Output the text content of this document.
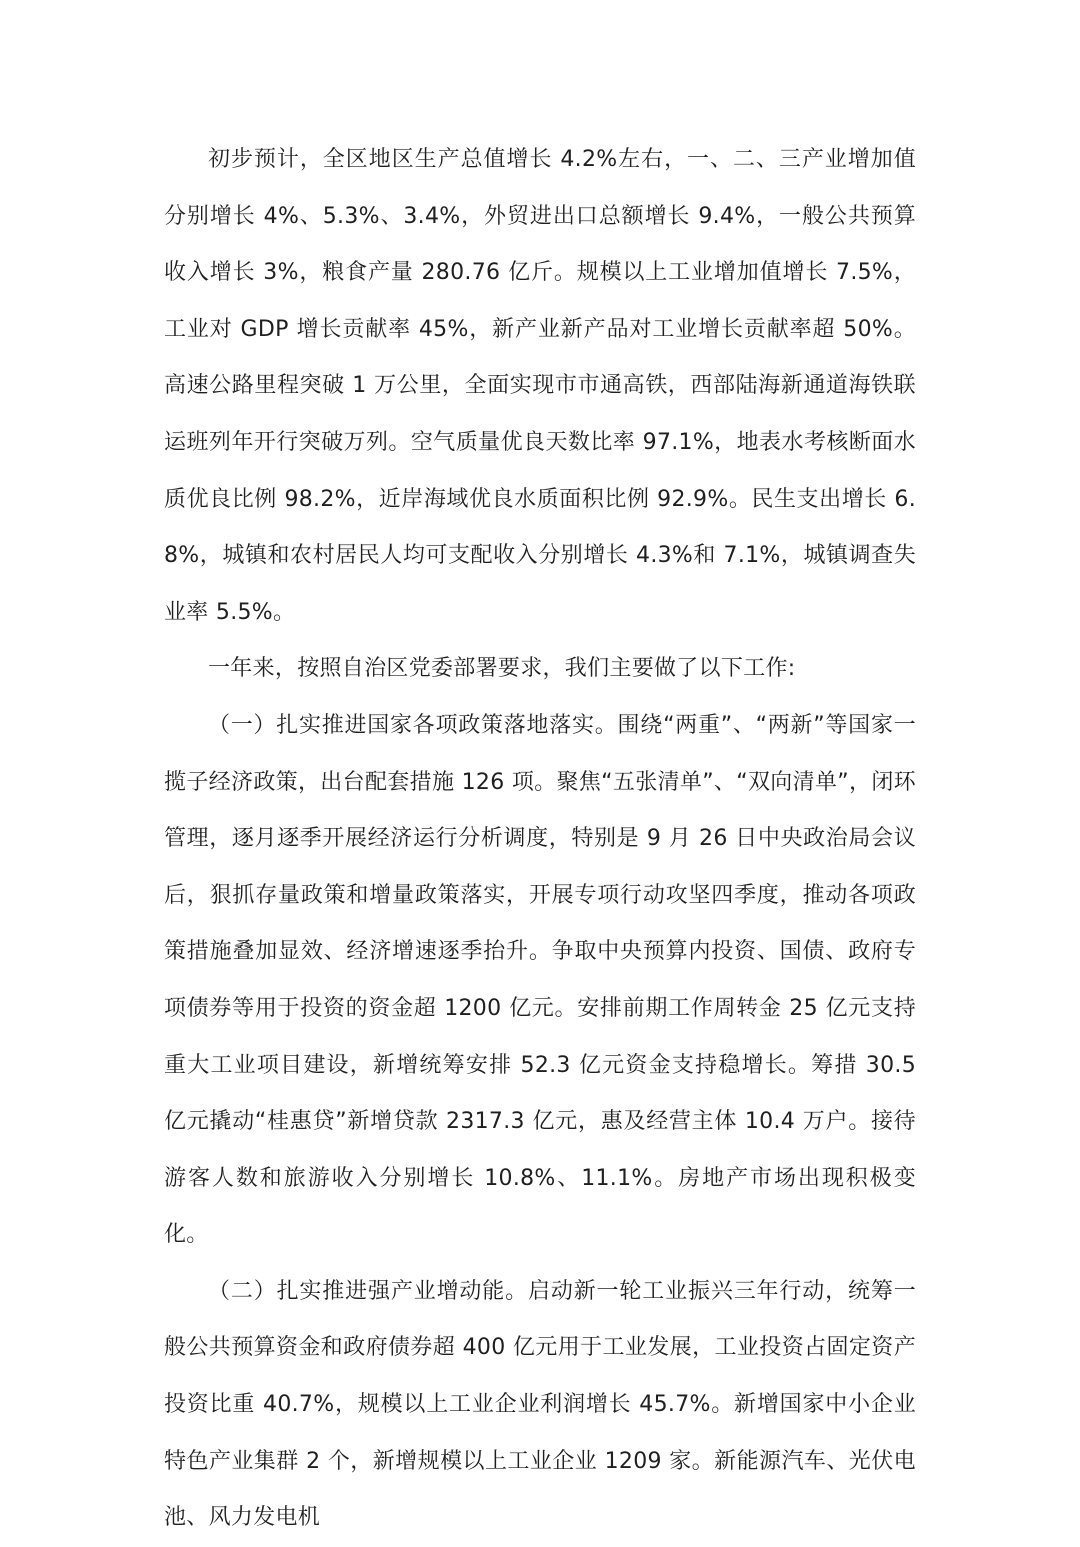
初步预计，全区地区生产总值增长 4.2%左右，一、二、三产业增加值分别增长 4%、5.3%、3.4%，外贸进出口总额增长 9.4%，一般公共预算收入增长 3%，粮食产量 280.76 亿斤。规模以上工业增加值增长 7.5%，工业对 GDP 增长贡献率 45%，新产业新产品对工业增长贡献率超 50%。高速公路里程突破 1 万公里，全面实现市市通高铁，西部陆海新通道海铁联运班列年开行突破万列。空气质量优良天数比率 97.1%，地表水考核断面水质优良比例 98.2%，近岸海域优良水质面积比例 92.9%。民生支出增长 6.8%，城镇和农村居民人均可支配收入分别增长 4.3%和 7.1%，城镇调查失业率 5.5%。

一年来，按照自治区党委部署要求，我们主要做了以下工作:

（一）扎实推进国家各项政策落地落实。围绕“两重”、“两新”等国家一揽子经济政策，出台配套措施 126 项。聚焦“五张清单”、“双向清单”，闭环管理，逐月逐季开展经济运行分析调度，特别是 9 月 26 日中央政治局会议后，狠抓存量政策和增量政策落实，开展专项行动攻坚四季度，推动各项政策措施叠加显效、经济增速逐季抬升。争取中央预算内投资、国债、政府专项债券等用于投资的资金超 1200 亿元。安排前期工作周转金 25 亿元支持重大工业项目建设，新增统筹安排 52.3 亿元资金支持稳增长。筹措 30.5 亿元撬动“桂惠贷”新增贷款 2317.3 亿元，惠及经营主体 10.4 万户。接待游客人数和旅游收入分别增长 10.8%、11.1%。房地产市场出现积极变化。

（二）扎实推进强产业增动能。启动新一轮工业振兴三年行动，统筹一般公共预算资金和政府债券超 400 亿元用于工业发展，工业投资占固定资产投资比重 40.7%，规模以上工业企业利润增长 45.7%。新增国家中小企业特色产业集群 2 个，新增规模以上工业企业 1209 家。新能源汽车、光伏电池、风力发电机
